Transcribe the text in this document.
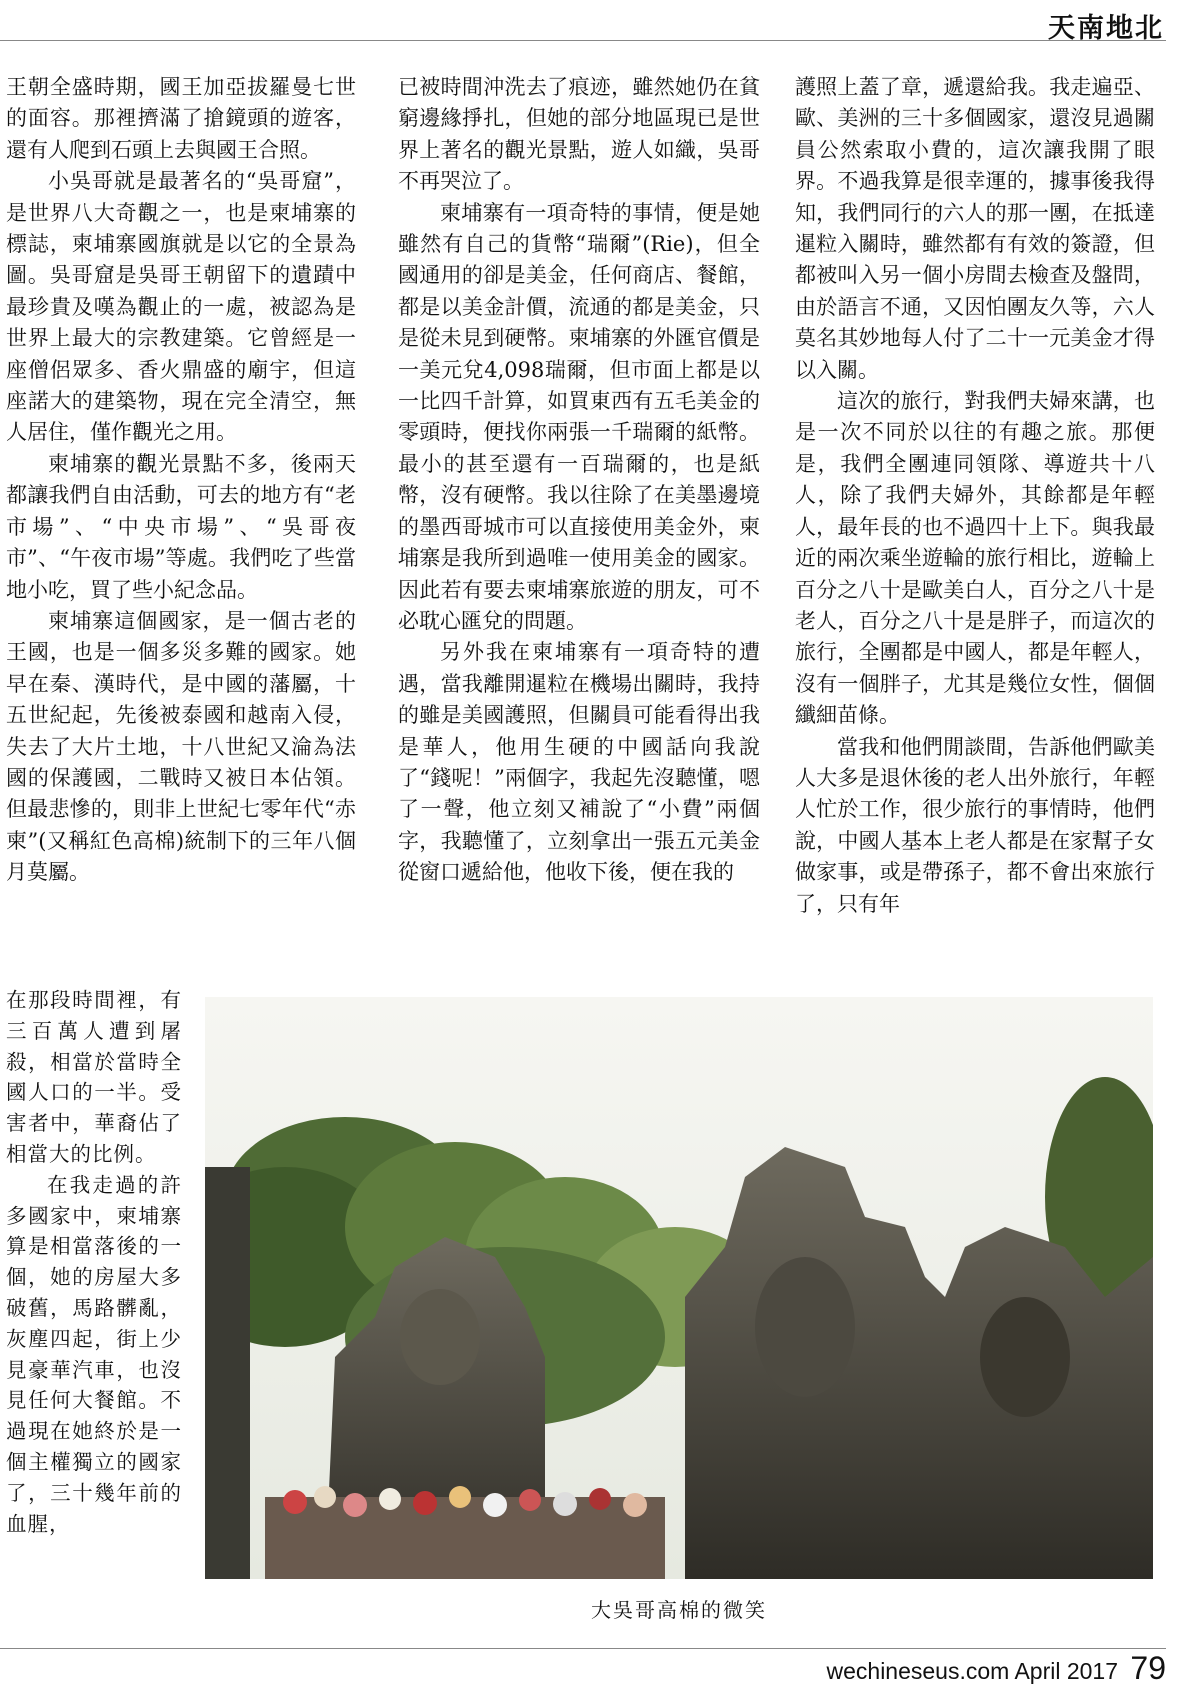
天南地北

王朝全盛時期，國王加亞拔羅曼七世的面容。那裡擠滿了搶鏡頭的遊客，還有人爬到石頭上去與國王合照。

小吳哥就是最著名的“吳哥窟”，是世界八大奇觀之一，也是柬埔寨的標誌，柬埔寨國旗就是以它的全景為圖。吳哥窟是吳哥王朝留下的遺蹟中最珍貴及嘆為觀止的一處，被認為是世界上最大的宗教建築。它曾經是一座僧侶眾多、香火鼎盛的廟宇，但這座諾大的建築物，現在完全清空，無人居住，僅作觀光之用。

柬埔寨的觀光景點不多，後兩天都讓我們自由活動，可去的地方有“老市場”、“中央市場”、“吳哥夜市”、“午夜市場”等處。我們吃了些當地小吃，買了些小紀念品。

柬埔寨這個國家，是一個古老的王國，也是一個多災多難的國家。她早在秦、漢時代，是中國的藩屬，十五世紀起，先後被泰國和越南入侵，失去了大片土地，十八世紀又淪為法國的保護國，二戰時又被日本佔領。但最悲慘的，則非上世紀七零年代“赤柬”(又稱紅色高棉)統制下的三年八個月莫屬。

在那段時間裡，有三百萬人遭到屠殺，相當於當時全國人口的一半。受害者中，華裔佔了相當大的比例。

在我走過的許多國家中，柬埔寨算是相當落後的一個，她的房屋大多破舊，馬路髒亂，灰塵四起，街上少見豪華汽車，也沒見任何大餐館。不過現在她終於是一個主權獨立的國家了，三十幾年前的血腥，

已被時間沖洗去了痕迹，雖然她仍在貧窮邊緣掙扎，但她的部分地區現已是世界上著名的觀光景點，遊人如織，吳哥不再哭泣了。

柬埔寨有一項奇特的事情，便是她雖然有自己的貨幣“瑞爾”(Rie)，但全國通用的卻是美金，任何商店、餐館，都是以美金計價，流通的都是美金，只是從未見到硬幣。柬埔寨的外匯官價是一美元兌4,098瑞爾，但市面上都是以一比四千計算，如買東西有五毛美金的零頭時，便找你兩張一千瑞爾的紙幣。最小的甚至還有一百瑞爾的，也是紙幣，沒有硬幣。我以往除了在美墨邊境的墨西哥城市可以直接使用美金外，柬埔寨是我所到過唯一使用美金的國家。因此若有要去柬埔寨旅遊的朋友，可不必耽心匯兌的問題。

另外我在柬埔寨有一項奇特的遭遇，當我離開暹粒在機場出關時，我持的雖是美國護照，但關員可能看得出我是華人，他用生硬的中國話向我說了“錢呢！”兩個字，我起先沒聽懂，嗯了一聲，他立刻又補說了“小費”兩個字，我聽懂了，立刻拿出一張五元美金從窗口遞給他，他收下後，便在我的

護照上蓋了章，遞還給我。我走遍亞、歐、美洲的三十多個國家，還沒見過關員公然索取小費的，這次讓我開了眼界。不過我算是很幸運的，據事後我得知，我們同行的六人的那一團，在抵達暹粒入關時，雖然都有有效的簽證，但都被叫入另一個小房間去檢查及盤問，由於語言不通，又因怕團友久等，六人莫名其妙地每人付了二十一元美金才得以入關。

這次的旅行，對我們夫婦來講，也是一次不同於以往的有趣之旅。那便是，我們全團連同領隊、導遊共十八人，除了我們夫婦外，其餘都是年輕人，最年長的也不過四十上下。與我最近的兩次乘坐遊輪的旅行相比，遊輪上百分之八十是歐美白人，百分之八十是老人，百分之八十是是胖子，而這次的旅行，全團都是中國人，都是年輕人，沒有一個胖子，尤其是幾位女性，個個纖細苗條。

當我和他們閒談間，告訴他們歐美人大多是退休後的老人出外旅行，年輕人忙於工作，很少旅行的事情時，他們說，中國人基本上老人都是在家幫子女做家事，或是帶孫子，都不會出來旅行了，只有年

大吳哥高棉的微笑
wechineseus.com April 2017 79
